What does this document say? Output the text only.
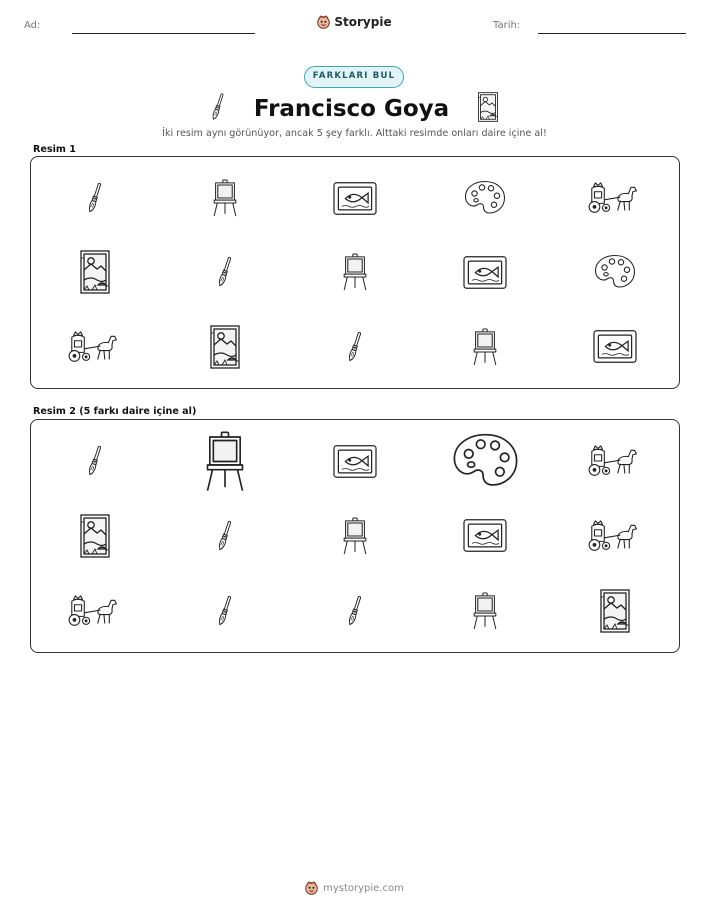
Ad:	Tarih:
Storypie
FARKLARI BUL
Francisco Goya
İki resim aynı görünüyor, ancak 5 şey farklı. Alttaki resimde onları daire içine al!
Resim 1
Resim 2 (5 farkı daire içine al)
mystorypie.com
